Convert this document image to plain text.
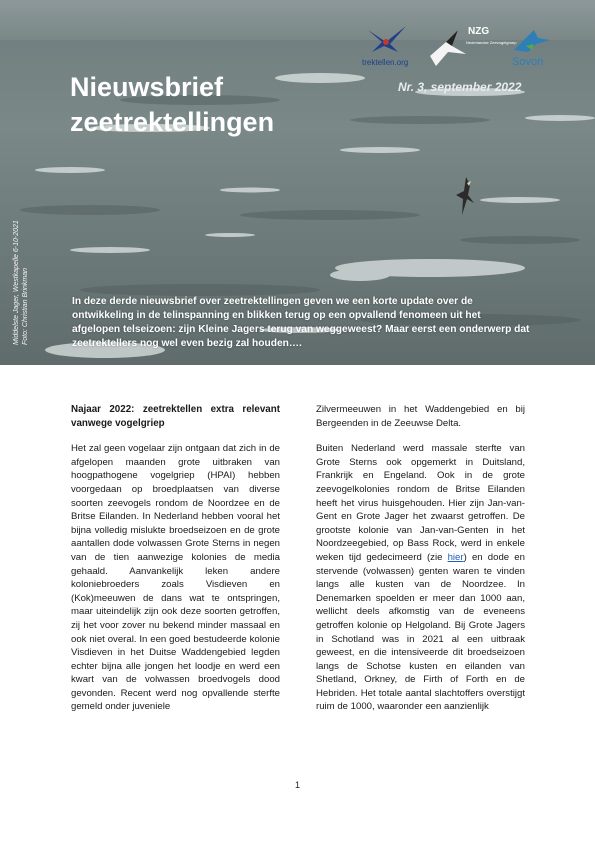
trektellen.org
NZG
Nederlandse Zeevogelgroep
Sovon
Nieuwsbrief
zeetrektellingen
Nr. 3, september 2022
Middelste Jager, Westkapelle 6-10-2021 Foto: Christian Brinkman	In deze derde nieuwsbrief over zeetrektellingen geven we een korte update over de ontwikkeling in de telinspanning en blikken terug op een opvallend fenomeen uit het afgelopen telseizoen: zijn Kleine Jagers terug van weggeweest? Maar eerst een onderwerp dat zeetrektellers nog wel even bezig zal houden….
Najaar 2022: zeetrektellen extra relevant vanwege vogelgriep

Het zal geen vogelaar zijn ontgaan dat zich in de afgelopen maanden grote uitbraken van hoogpathogene vogelgriep (HPAI) hebben voorgedaan op broedplaatsen van diverse soorten zeevogels rondom de Noordzee en de Britse Eilanden. In Nederland hebben vooral het bijna volledig mislukte broedseizoen en de grote aantallen dode volwassen Grote Sterns in negen van de tien aanwezige kolonies de media gehaald. Aanvankelijk leken andere koloniebroeders zoals Visdieven en (Kok)meeuwen de dans wat te ontspringen, maar uiteindelijk zijn ook deze soorten getroffen, zij het voor zover nu bekend minder massaal en ook niet overal. In een goed bestudeerde kolonie Visdieven in het Duitse Waddengebied legden echter bijna alle jongen het loodje en werd een kwart van de volwassen broedvogels dood gevonden. Recent werd nog opvallende sterfte gemeld onder juveniele

Zilvermeeuwen in het Waddengebied en bij Bergeenden in de Zeeuwse Delta.

Buiten Nederland werd massale sterfte van Grote Sterns ook opgemerkt in Duitsland, Frankrijk en Engeland. Ook in de grote zeevogelkolonies rondom de Britse Eilanden heeft het virus huisgehouden. Hier zijn Jan-van-Gent en Grote Jager het zwaarst getroffen. De grootste kolonie van Jan-van-Genten in het Noordzeegebied, op Bass Rock, werd in enkele weken tijd gedecimeerd (zie hier) en dode en stervende (volwassen) genten waren te vinden langs alle kusten van de Noordzee. In Denemarken spoelden er meer dan 1000 aan, wellicht deels afkomstig van de eveneens getroffen kolonie op Helgoland. Bij Grote Jagers in Schotland was in 2021 al een uitbraak geweest, en die intensiveerde dit broedseizoen langs de Schotse kusten en eilanden van Shetland, Orkney, de Firth of Forth en de Hebriden. Het totale aantal slachtoffers overstijgt ruim de 1000, waaronder een aanzienlijk

1
